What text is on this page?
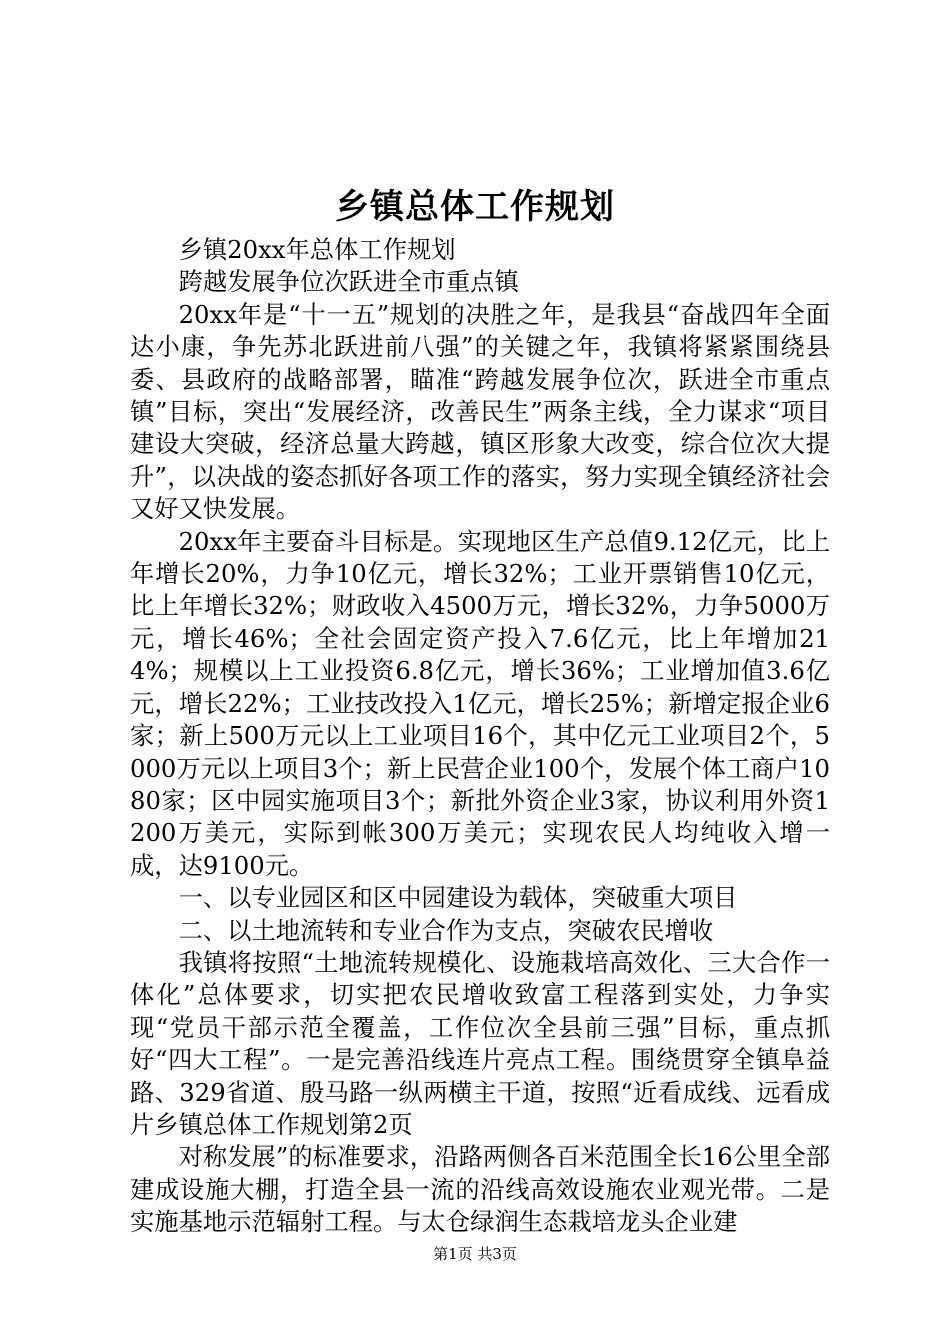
乡镇总体工作规划

乡镇20xx年总体工作规划

跨越发展争位次跃进全市重点镇

20xx年是“十一五”规划的决胜之年，是我县“奋战四年全面达小康，争先苏北跃进前八强”的关键之年，我镇将紧紧围绕县委、县政府的战略部署，瞄准“跨越发展争位次，跃进全市重点镇”目标，突出“发展经济，改善民生”两条主线，全力谋求“项目建设大突破，经济总量大跨越，镇区形象大改变，综合位次大提升”，以决战的姿态抓好各项工作的落实，努力实现全镇经济社会又好又快发展。

20xx年主要奋斗目标是。实现地区生产总值9.12亿元，比上年增长20%，力争10亿元，增长32%；工业开票销售10亿元，比上年增长32%；财政收入4500万元，增长32%，力争5000万元，增长46%；全社会固定资产投入7.6亿元，比上年增加214%；规模以上工业投资6.8亿元，增长36%；工业增加值3.6亿元，增长22%；工业技改投入1亿元，增长25%；新增定报企业6家；新上500万元以上工业项目16个，其中亿元工业项目2个，5000万元以上项目3个；新上民营企业100个，发展个体工商户1080家；区中园实施项目3个；新批外资企业3家，协议利用外资1200万美元，实际到帐300万美元；实现农民人均纯收入增一成，达9100元。

一、以专业园区和区中园建设为载体，突破重大项目

二、以土地流转和专业合作为支点，突破农民增收

我镇将按照“土地流转规模化、设施栽培高效化、三大合作一体化”总体要求，切实把农民增收致富工程落到实处，力争实现“党员干部示范全覆盖，工作位次全县前三强”目标，重点抓好“四大工程”。一是完善沿线连片亮点工程。围绕贯穿全镇阜益路、329省道、殷马路一纵两横主干道，按照“近看成线、远看成片乡镇总体工作规划第2页

对称发展”的标准要求，沿路两侧各百米范围全长16公里全部建成设施大棚，打造全县一流的沿线高效设施农业观光带。二是实施基地示范辐射工程。与太仓绿润生态栽培龙头企业建

第1页 共3页
